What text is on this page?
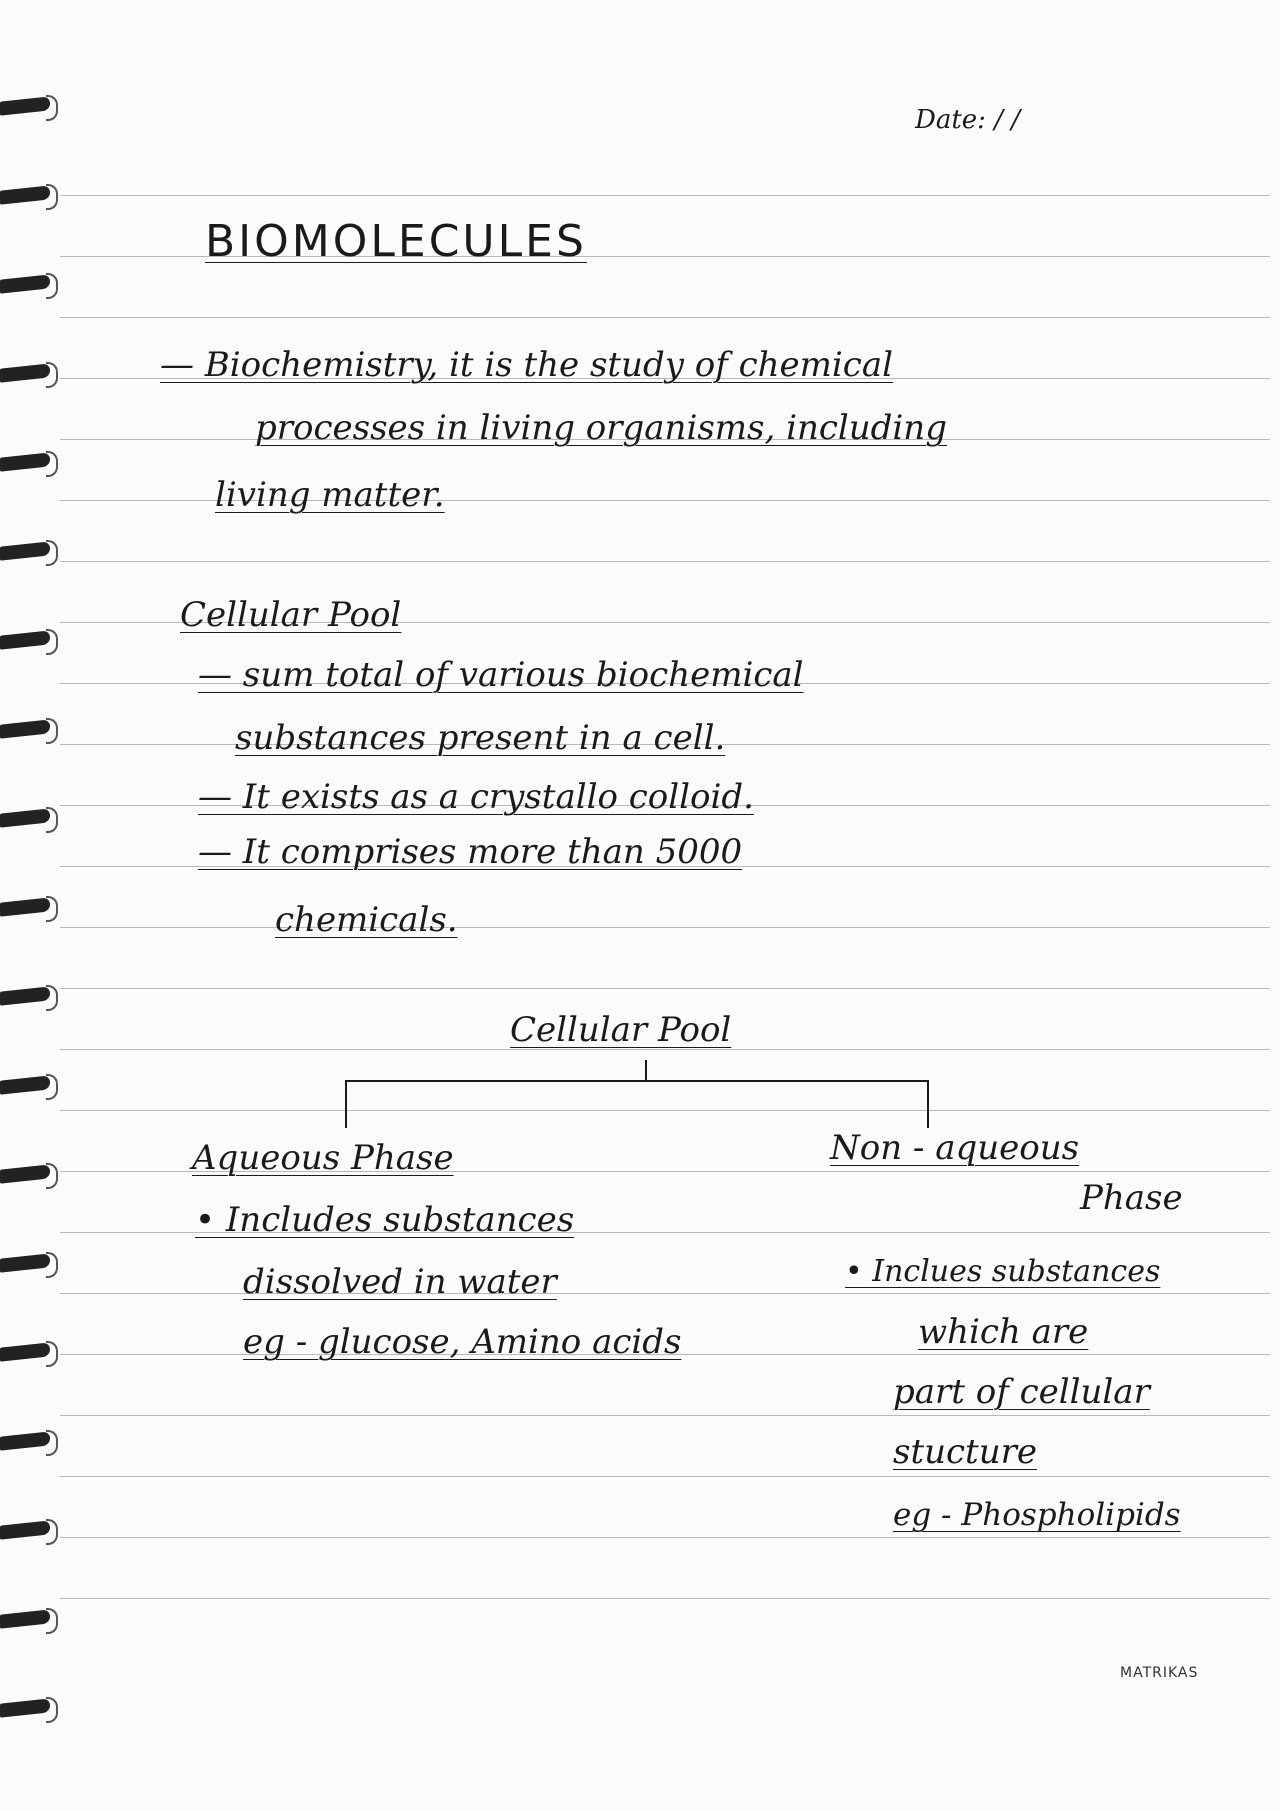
Date: / /
BIOMOLECULES
— Biochemistry, it is the study of chemical
processes in living organisms, including
living matter.
Cellular Pool
— sum total of various biochemical
substances present in a cell.
— It exists as a crystallo colloid.
— It comprises more than 5000
chemicals.
Cellular Pool
Aqueous Phase
• Includes substances
dissolved in water
eg - glucose, Amino acids
Non - aqueous
Phase
• Inclues substances
which are
part of cellular
stucture
eg - Phospholipids
MATRIKAS
